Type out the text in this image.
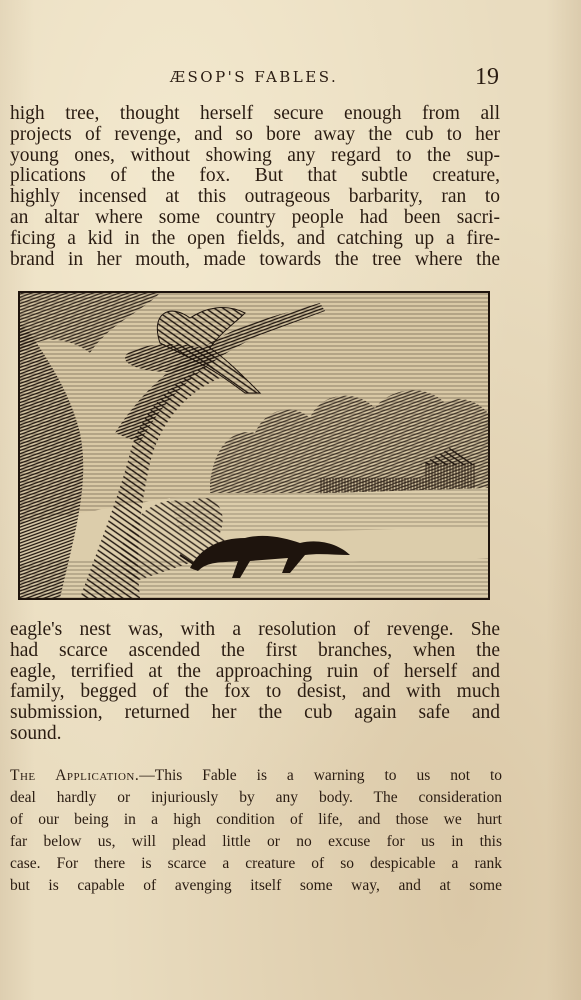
ÆSOP'S FABLES.	19
high tree, thought herself secure enough from all
projects of revenge, and so bore away the cub to her
young ones, without showing any regard to the sup-
plications of the fox. But that subtle creature,
highly incensed at this outrageous barbarity, ran to
an altar where some country people had been sacri-
ficing a kid in the open fields, and catching up a fire-
brand in her mouth, made towards the tree where the
eagle's nest was, with a resolution of revenge. She
had scarce ascended the first branches, when the
eagle, terrified at the approaching ruin of herself and
family, begged of the fox to desist, and with much
submission, returned her the cub again safe and
sound.
The Application.—This Fable is a warning to us not to
deal hardly or injuriously by any body. The consideration
of our being in a high condition of life, and those we hurt
far below us, will plead little or no excuse for us in this
case. For there is scarce a creature of so despicable a rank
but is capable of avenging itself some way, and at some
